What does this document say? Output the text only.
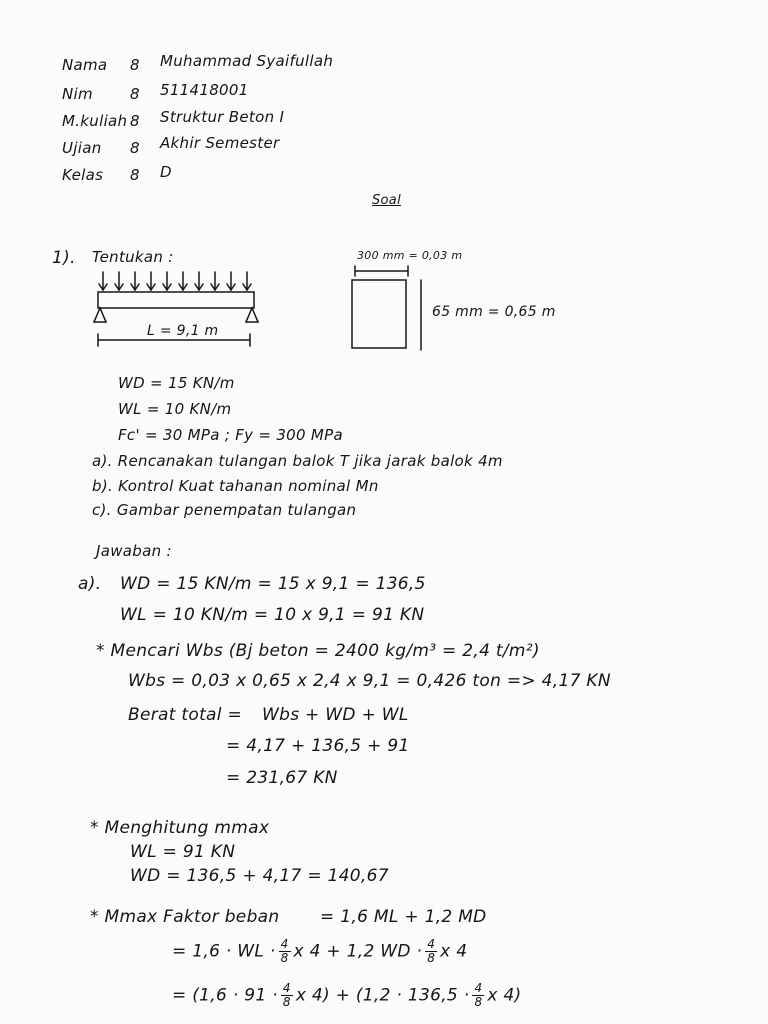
Nama	8 Muhammad Syaifullah
Nim	8 511418001
M.kuliah 8 Struktur Beton I
Ujian	8 Akhir Semester
Kelas	8 D
Soal
1). Tentukan :
L = 9,1 m
300 mm = 0,03 m
65 mm = 0,65 m
WD = 15 KN/m
WL = 10 KN/m
Fc' = 30 MPa ; Fy = 300 MPa
a). Rencanakan tulangan balok T jika jarak balok 4m
b). Kontrol Kuat tahanan nominal Mn
c). Gambar penempatan tulangan
Jawaban :
a). WD = 15 KN/m = 15 x 9,1 = 136,5
WL = 10 KN/m = 10 x 9,1 = 91 KN
* Mencari Wbs (Bj beton = 2400 kg/m³ = 2,4 t/m²)
Wbs = 0,03 x 0,65 x 2,4 x 9,1 = 0,426 ton => 4,17 KN
Berat total = Wbs + WD + WL
= 4,17 + 136,5 + 91
= 231,67 KN
* Menghitung mmax
WL = 91 KN
WD = 136,5 + 4,17 = 140,67
* Mmax Faktor beban = 1,6 ML + 1,2 MD
= 1,6 · WL · $\frac{4}{8}$ x 4 + 1,2 WD · $\frac{4}{8}$ x 4
= ($1,6 \cdot 91 \cdot \frac{4}{8}$ x $4) + (1,2 \cdot 136,5 \cdot \frac{4}{8}$ x 4)
